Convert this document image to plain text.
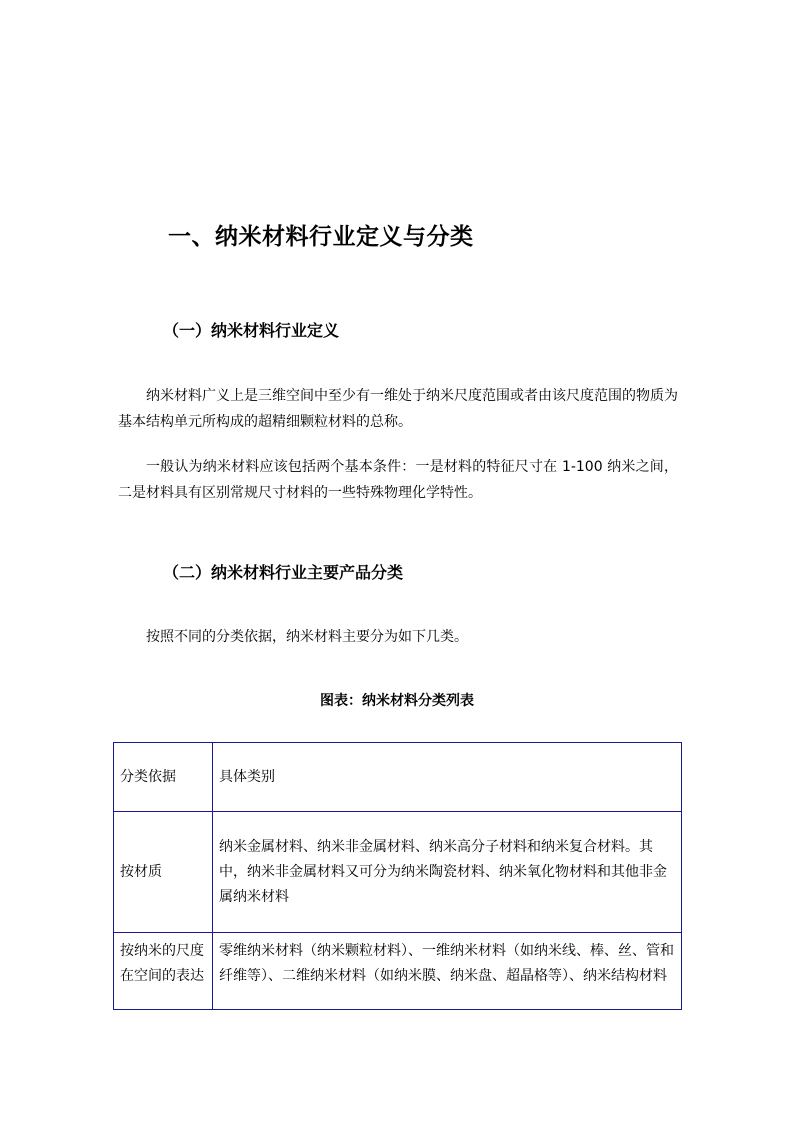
一、纳米材料行业定义与分类
（一）纳米材料行业定义
纳米材料广义上是三维空间中至少有一维处于纳米尺度范围或者由该尺度范围的物质为基本结构单元所构成的超精细颗粒材料的总称。
一般认为纳米材料应该包括两个基本条件：一是材料的特征尺寸在 1-100 纳米之间，二是材料具有区别常规尺寸材料的一些特殊物理化学特性。
（二）纳米材料行业主要产品分类
按照不同的分类依据，纳米材料主要分为如下几类。
图表：纳米材料分类列表
分类依据	具体类别
按材质	纳米金属材料、纳米非金属材料、纳米高分子材料和纳米复合材料。其中，纳米非金属材料又可分为纳米陶瓷材料、纳米氧化物材料和其他非金属纳米材料
按纳米的尺度在空间的表达	零维纳米材料（纳米颗粒材料）、一维纳米材料（如纳米线、棒、丝、管和纤维等）、二维纳米材料（如纳米膜、纳米盘、超晶格等）、纳米结构材料
